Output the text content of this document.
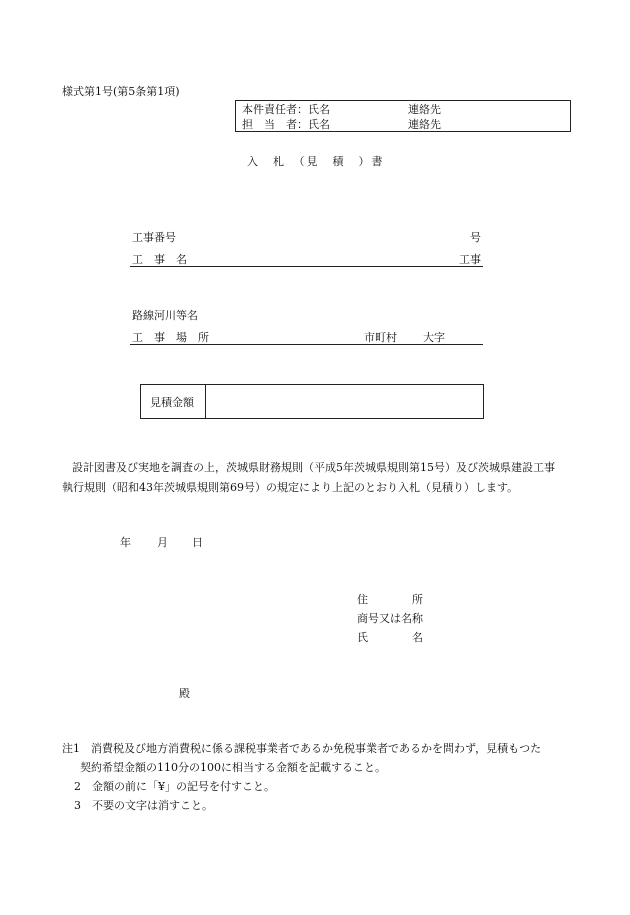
様式第1号(第5条第1項)
本件責任者：氏名	連絡先
担　当　者：氏名	連絡先
入　札　（見　積　）書
工事番号	号
工　事　名	工事
路線河川等名
工　事　場　所	市町村 大字
見積金額
設計図書及び実地を調査の上，茨城県財務規則（平成5年茨城県規則第15号）及び茨城県建設工事
執行規則（昭和43年茨城県規則第69号）の規定により上記のとおり入札（見積り）します。
年 月 日
住　　　　所
商号又は名称
氏　　　　名
殿
注1　消費税及び地方消費税に係る課税事業者であるか免税事業者であるかを問わず，見積もつた
契約希望金額の110分の100に相当する金額を記載すること。
2　金額の前に「¥」の記号を付すこと。
3　不要の文字は消すこと。
